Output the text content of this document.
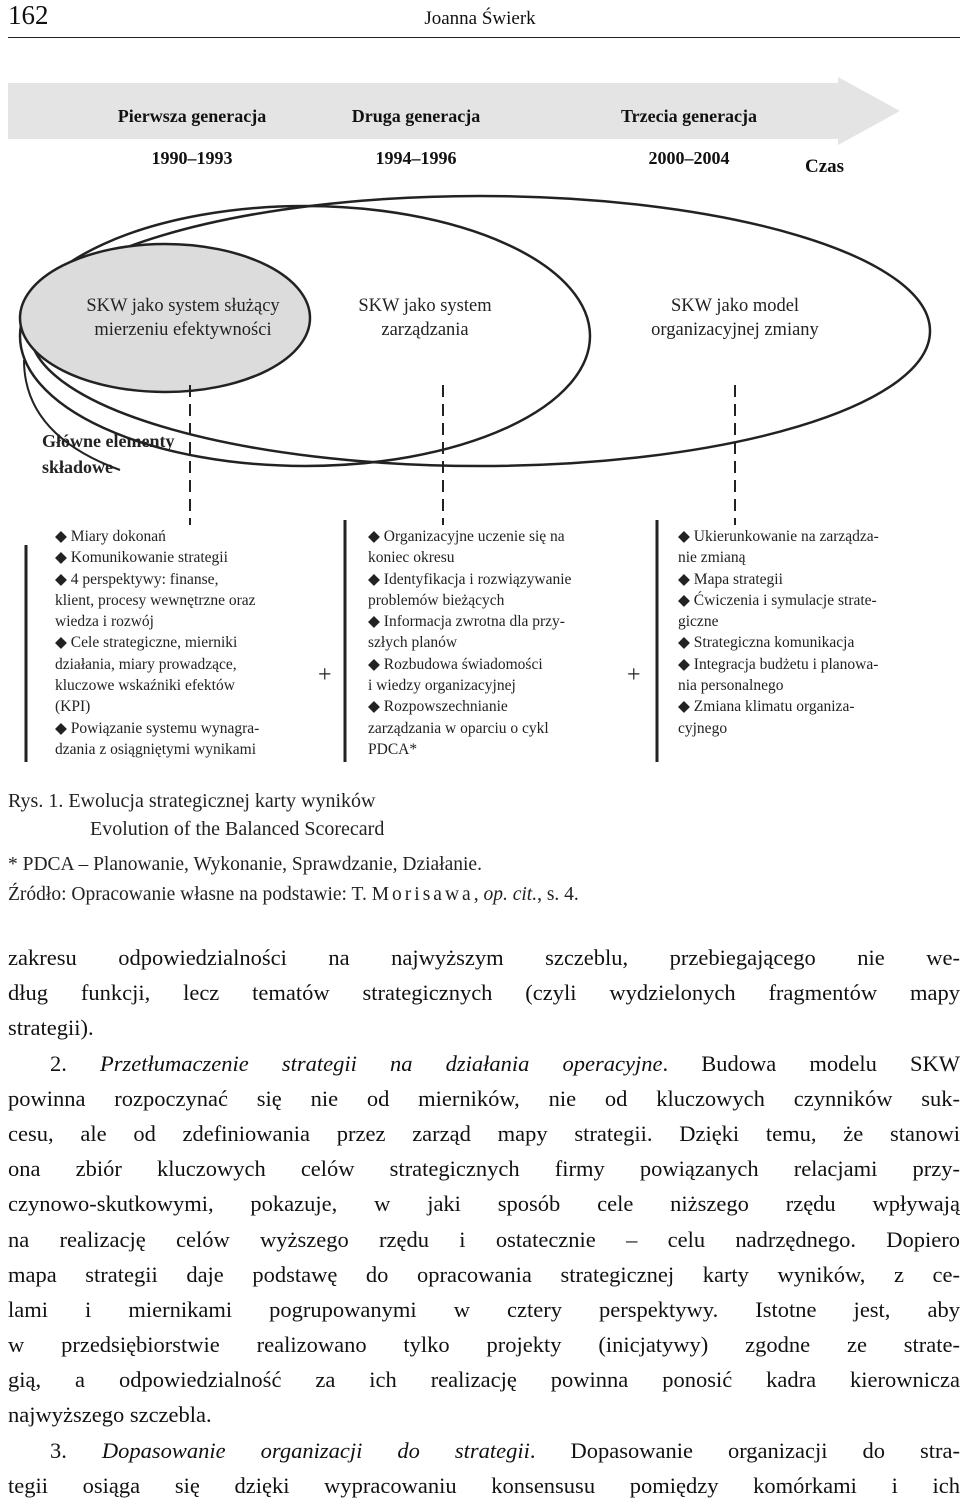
162	Joanna Świerk
Pierwsza generacja	Druga generacja	Trzecia generacja
1990–1993	1994–1996	2000–2004	Czas
SKW jako system służący
mierzeniu efektywności
SKW jako system
zarządzania
SKW jako model
organizacyjnej zmiany
Główne elementy
składowe
◆ Miary dokonań
◆ Komunikowanie strategii
◆ 4 perspektywy: finanse,
klient, procesy wewnętrzne oraz
wiedza i rozwój
◆ Cele strategiczne, mierniki
działania, miary prowadzące,
kluczowe wskaźniki efektów
(KPI)
◆ Powiązanie systemu wynagra-
dzania z osiągniętymi wynikami
+
◆ Organizacyjne uczenie się na
koniec okresu
◆ Identyfikacja i rozwiązywanie
problemów bieżących
◆ Informacja zwrotna dla przy-
szłych planów
◆ Rozbudowa świadomości
i wiedzy organizacyjnej
◆ Rozpowszechnianie
zarządzania w oparciu o cykl
PDCA*
+
◆ Ukierunkowanie na zarządza-
nie zmianą
◆ Mapa strategii
◆ Ćwiczenia i symulacje strate-
giczne
◆ Strategiczna komunikacja
◆ Integracja budżetu i planowa-
nia personalnego
◆ Zmiana klimatu organiza-
cyjnego
Rys. 1. Ewolucja strategicznej karty wyników
Evolution of the Balanced Scorecard
* PDCA – Planowanie, Wykonanie, Sprawdzanie, Działanie.
Źródło: Opracowanie własne na podstawie: T. Morisawa, op. cit., s. 4.
zakresu odpowiedzialności na najwyższym szczeblu, przebiegającego nie we-
dług funkcji, lecz tematów strategicznych (czyli wydzielonych fragmentów mapy
strategii).
2. Przetłumaczenie strategii na działania operacyjne. Budowa modelu SKW
powinna rozpoczynać się nie od mierników, nie od kluczowych czynników suk-
cesu, ale od zdefiniowania przez zarząd mapy strategii. Dzięki temu, że stanowi
ona zbiór kluczowych celów strategicznych firmy powiązanych relacjami przy-
czynowo-skutkowymi, pokazuje, w jaki sposób cele niższego rzędu wpływają
na realizację celów wyższego rzędu i ostatecznie – celu nadrzędnego. Dopiero
mapa strategii daje podstawę do opracowania strategicznej karty wyników, z ce-
lami i miernikami pogrupowanymi w cztery perspektywy. Istotne jest, aby
w przedsiębiorstwie realizowano tylko projekty (inicjatywy) zgodne ze strate-
gią, a odpowiedzialność za ich realizację powinna ponosić kadra kierownicza
najwyższego szczebla.
3. Dopasowanie organizacji do strategii. Dopasowanie organizacji do stra-
tegii osiąga się dzięki wypracowaniu konsensusu pomiędzy komórkami i ich
